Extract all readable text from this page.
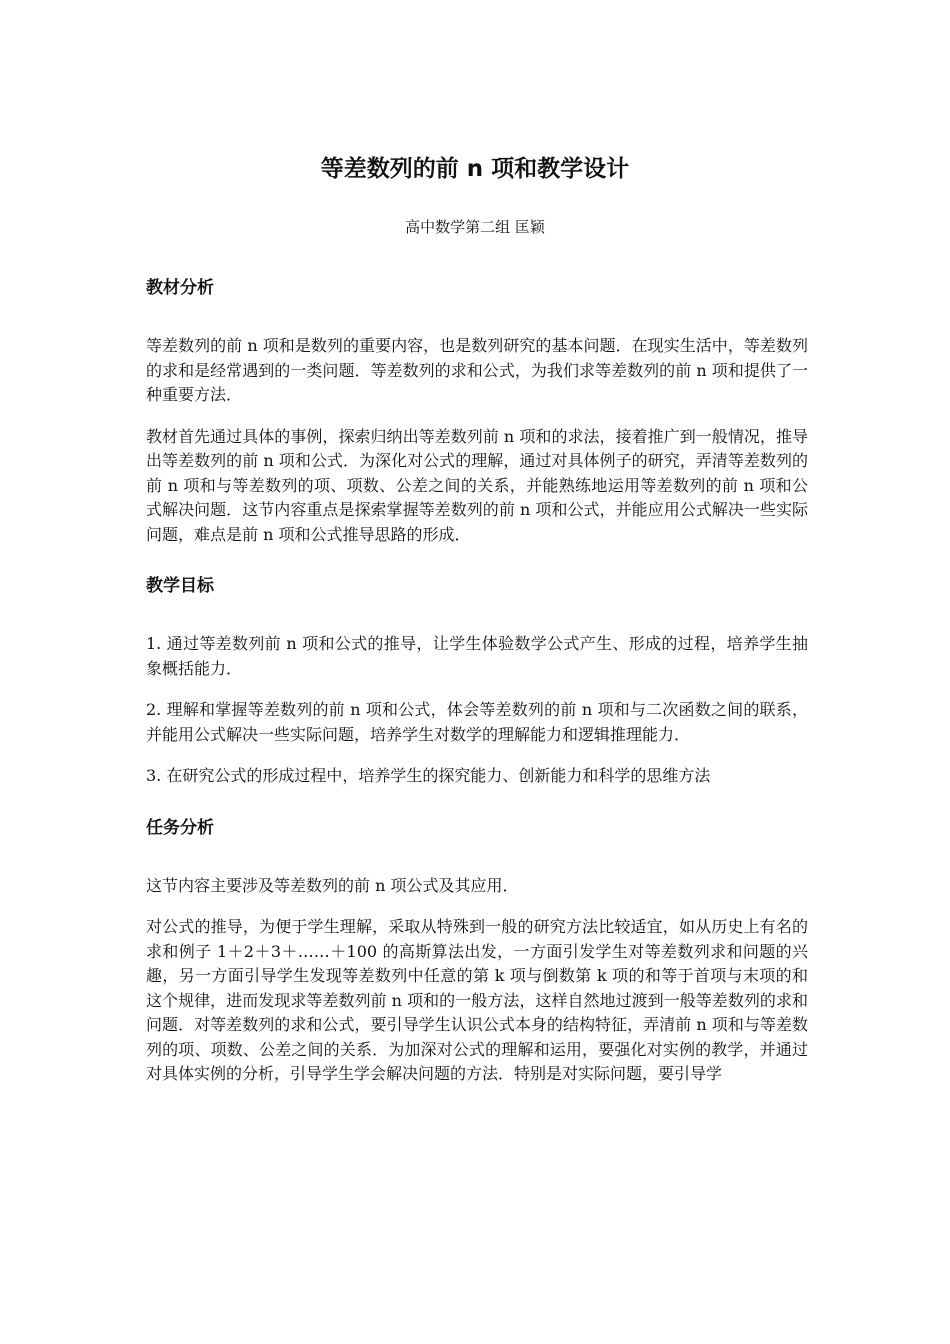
等差数列的前 n 项和教学设计

高中数学第二组 匡颖

教材分析

等差数列的前 n 项和是数列的重要内容，也是数列研究的基本问题．在现实生活中，等差数列的求和是经常遇到的一类问题．等差数列的求和公式，为我们求等差数列的前 n 项和提供了一种重要方法．

教材首先通过具体的事例，探索归纳出等差数列前 n 项和的求法，接着推广到一般情况，推导出等差数列的前 n 项和公式．为深化对公式的理解，通过对具体例子的研究，弄清等差数列的前 n 项和与等差数列的项、项数、公差之间的关系，并能熟练地运用等差数列的前 n 项和公式解决问题．这节内容重点是探索掌握等差数列的前 n 项和公式，并能应用公式解决一些实际问题，难点是前 n 项和公式推导思路的形成．

教学目标

1. 通过等差数列前 n 项和公式的推导，让学生体验数学公式产生、形成的过程，培养学生抽象概括能力．

2. 理解和掌握等差数列的前 n 项和公式，体会等差数列的前 n 项和与二次函数之间的联系，并能用公式解决一些实际问题，培养学生对数学的理解能力和逻辑推理能力．

3. 在研究公式的形成过程中，培养学生的探究能力、创新能力和科学的思维方法

任务分析

这节内容主要涉及等差数列的前 n 项公式及其应用．

对公式的推导，为便于学生理解，采取从特殊到一般的研究方法比较适宜，如从历史上有名的求和例子 1＋2＋3＋……＋100 的高斯算法出发，一方面引发学生对等差数列求和问题的兴趣，另一方面引导学生发现等差数列中任意的第 k 项与倒数第 k 项的和等于首项与末项的和这个规律，进而发现求等差数列前 n 项和的一般方法，这样自然地过渡到一般等差数列的求和问题．对等差数列的求和公式，要引导学生认识公式本身的结构特征，弄清前 n 项和与等差数列的项、项数、公差之间的关系．为加深对公式的理解和运用，要强化对实例的教学，并通过对具体实例的分析，引导学生学会解决问题的方法．特别是对实际问题，要引导学
